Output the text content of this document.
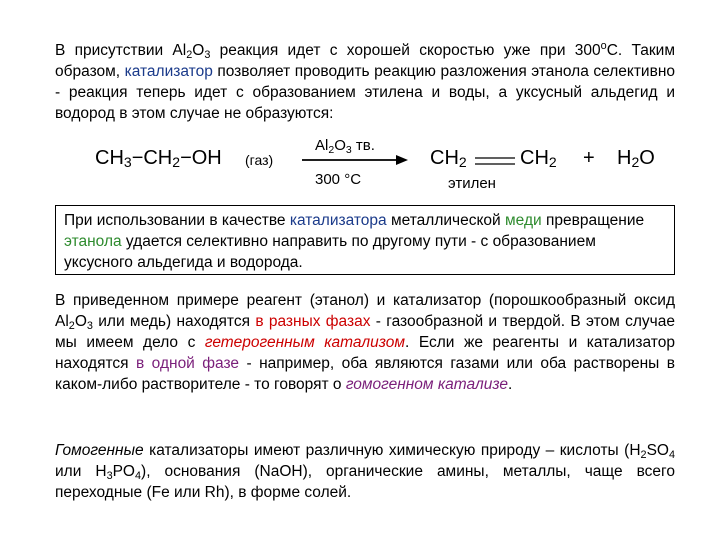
В присутствии $Al_2O_3$ реакция идет с хорошей скоростью уже при 300$^o$С. Таким образом, катализатор позволяет проводить реакцию разложения этанола селективно - реакция теперь идет с образованием этилена и воды, а уксусный альдегид и водород в этом случае не образуются:

$CH_3-CH_2-OH$ (газ)
$Al_2O_3$ тв.
300 °C
$CH_2$	$CH_2 + H_2O$
этилен
При использовании в качестве катализатора металлической меди превращение этанола удается селективно направить по другому пути - с образованием уксусного альдегида и водорода.

В приведенном примере реагент (этанол) и катализатор (порошкообразный оксид $Al_2O_3$ или медь) находятся в разных фазах - газообразной и твердой. В этом случае мы имеем дело с гетерогенным катализом. Если же реагенты и катализатор находятся в одной фазе - например, оба являются газами или оба растворены в каком-либо растворителе - то говорят о гомогенном катализе.

Гомогенные катализаторы имеют различную химическую природу – кислоты ($H_2SO_4$ или $H_3PO_4$), основания (NaOH), органические амины, металлы, чаще всего переходные (Fe или Rh), в форме солей.
